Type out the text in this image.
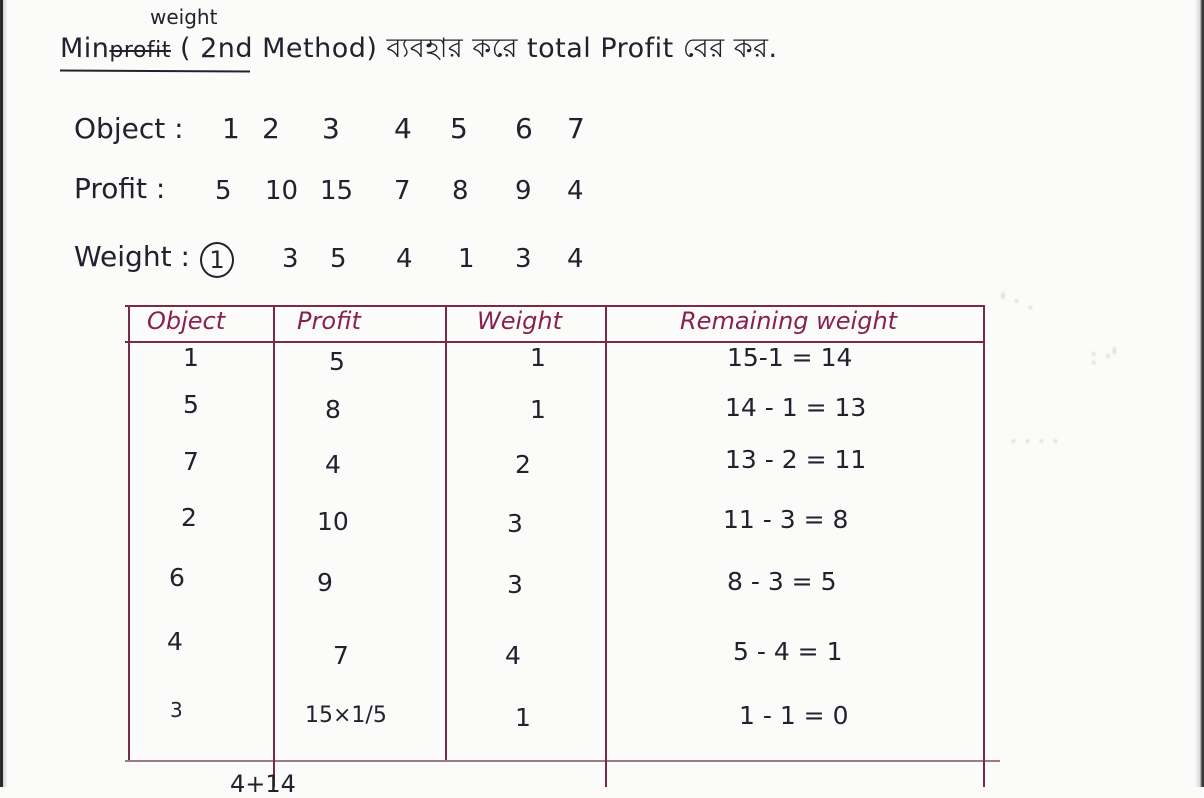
weight
Minprofit ( 2nd Method) ব্যবহার করে total Profit বের কর.
Object :	1 2 3 4 5 6 7
Profit :	5 10 15 7 8 9 4
Weight : 1	3 5 4 1 3 4
' · .
: ·'
· · · ·
Object	Profit	Weight	Remaining weight
1	5	1	15-1 = 14
5	8	1	14 - 1 = 13
7	4	2	13 - 2 = 11
2	10	3	11 - 3 = 8
6	9	3	8 - 3 = 5
4	7	4	5 - 4 = 1
3	15×1/5	1	1 - 1 = 0
4+14
